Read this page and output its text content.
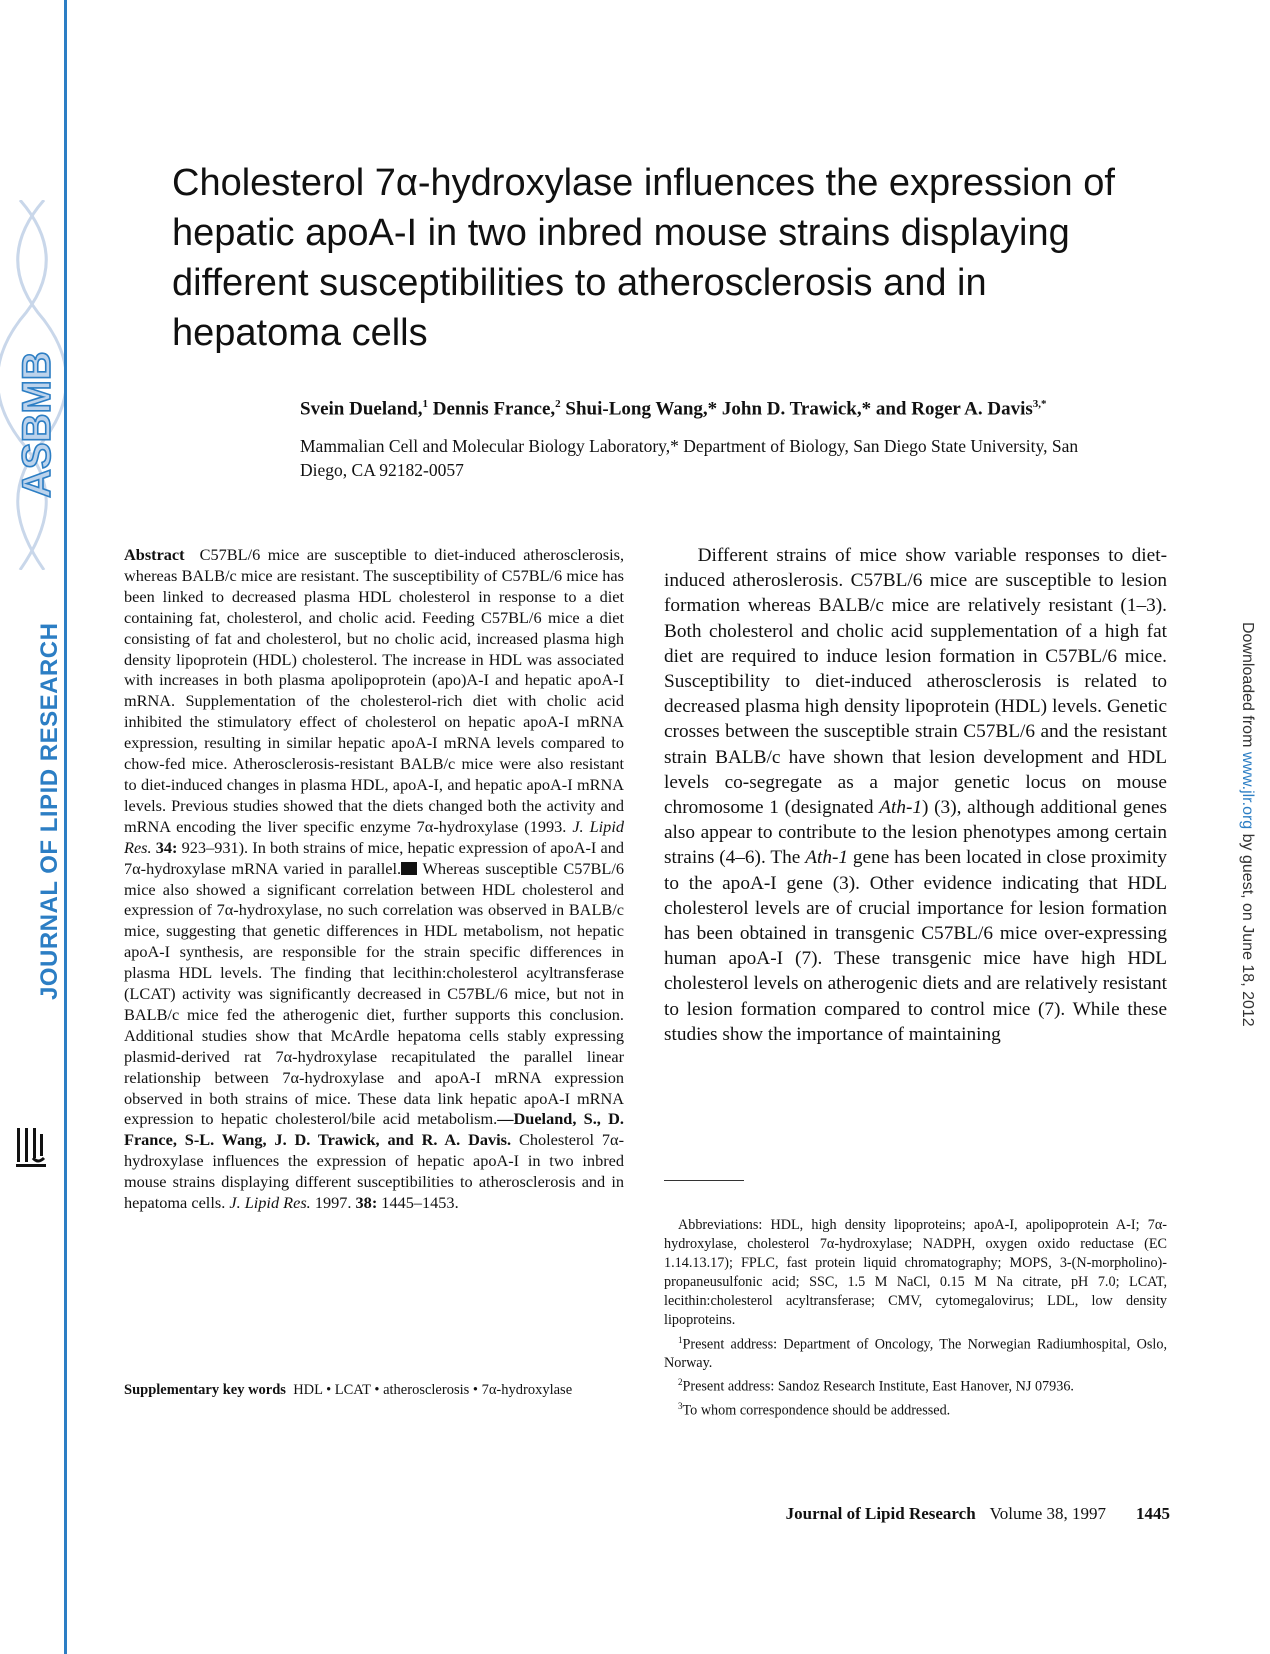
ASBMB
JOURNAL OF LIPID RESEARCH	Downloaded from www.jlr.org by guest, on June 18, 2012
Cholesterol 7α-hydroxylase influences the expression of hepatic apoA-I in two inbred mouse strains displaying different susceptibilities to atherosclerosis and in hepatoma cells
Svein Dueland,$^1$ Dennis France,$^2$ Shui-Long Wang,* John D. Trawick,* and Roger A. Davis$^{3,*}$
Mammalian Cell and Molecular Biology Laboratory,* Department of Biology, San Diego State University, San Diego, CA 92182-0057
Abstract C57BL/6 mice are susceptible to diet-induced atherosclerosis, whereas BALB/c mice are resistant. The susceptibility of C57BL/6 mice has been linked to decreased plasma HDL cholesterol in response to a diet containing fat, cholesterol, and cholic acid. Feeding C57BL/6 mice a diet consisting of fat and cholesterol, but no cholic acid, increased plasma high density lipoprotein (HDL) cholesterol. The increase in HDL was associated with increases in both plasma apolipoprotein (apo)A-I and hepatic apoA-I mRNA. Supplementation of the cholesterol-rich diet with cholic acid inhibited the stimulatory effect of cholesterol on hepatic apoA-I mRNA expression, resulting in similar hepatic apoA-I mRNA levels compared to chow-fed mice. Atherosclerosis-resistant BALB/c mice were also resistant to diet-induced changes in plasma HDL, apoA-I, and hepatic apoA-I mRNA levels. Previous studies showed that the diets changed both the activity and mRNA encoding the liver specific enzyme 7α-hydroxylase (1993. J. Lipid Res. 34: 923–931). In both strains of mice, hepatic expression of apoA-I and 7α-hydroxylase mRNA varied in parallel. Whereas susceptible C57BL/6 mice also showed a significant correlation between HDL cholesterol and expression of 7α-hydroxylase, no such correlation was observed in BALB/c mice, suggesting that genetic differences in HDL metabolism, not hepatic apoA-I synthesis, are responsible for the strain specific differences in plasma HDL levels. The finding that lecithin:cholesterol acyltransferase (LCAT) activity was significantly decreased in C57BL/6 mice, but not in BALB/c mice fed the atherogenic diet, further supports this conclusion. Additional studies show that McArdle hepatoma cells stably expressing plasmid-derived rat 7α-hydroxylase recapitulated the parallel linear relationship between 7α-hydroxylase and apoA-I mRNA expression observed in both strains of mice. These data link hepatic apoA-I mRNA expression to hepatic cholesterol/bile acid metabolism.—Dueland, S., D. France, S-L. Wang, J. D. Trawick, and R. A. Davis. Cholesterol 7α-hydroxylase influences the expression of hepatic apoA-I in two inbred mouse strains displaying different susceptibilities to atherosclerosis and in hepatoma cells. J. Lipid Res. 1997. 38: 1445–1453.
Supplementary key words HDL • LCAT • atherosclerosis • 7α-hydroxylase
Different strains of mice show variable responses to diet-induced atheroslerosis. C57BL/6 mice are susceptible to lesion formation whereas BALB/c mice are relatively resistant (1–3). Both cholesterol and cholic acid supplementation of a high fat diet are required to induce lesion formation in C57BL/6 mice. Susceptibility to diet-induced atherosclerosis is related to decreased plasma high density lipoprotein (HDL) levels. Genetic crosses between the susceptible strain C57BL/6 and the resistant strain BALB/c have shown that lesion development and HDL levels co-segregate as a major genetic locus on mouse chromosome 1 (designated Ath-1) (3), although additional genes also appear to contribute to the lesion phenotypes among certain strains (4–6). The Ath-1 gene has been located in close proximity to the apoA-I gene (3). Other evidence indicating that HDL cholesterol levels are of crucial importance for lesion formation has been obtained in transgenic C57BL/6 mice over-expressing human apoA-I (7). These transgenic mice have high HDL cholesterol levels on atherogenic diets and are relatively resistant to lesion formation compared to control mice (7). While these studies show the importance of maintaining

Abbreviations: HDL, high density lipoproteins; apoA-I, apolipoprotein A-I; 7α-hydroxylase, cholesterol 7α-hydroxylase; NADPH, oxygen oxido reductase (EC 1.14.13.17); FPLC, fast protein liquid chromatography; MOPS, 3-(N-morpholino)-propaneusulfonic acid; SSC, 1.5 M NaCl, 0.15 M Na citrate, pH 7.0; LCAT, lecithin:cholesterol acyltransferase; CMV, cytomegalovirus; LDL, low density lipoproteins.

$^1$Present address: Department of Oncology, The Norwegian Radiumhospital, Oslo, Norway.

$^2$Present address: Sandoz Research Institute, East Hanover, NJ 07936.

$^3$To whom correspondence should be addressed.

Journal of Lipid Research Volume 38, 1997 1445
